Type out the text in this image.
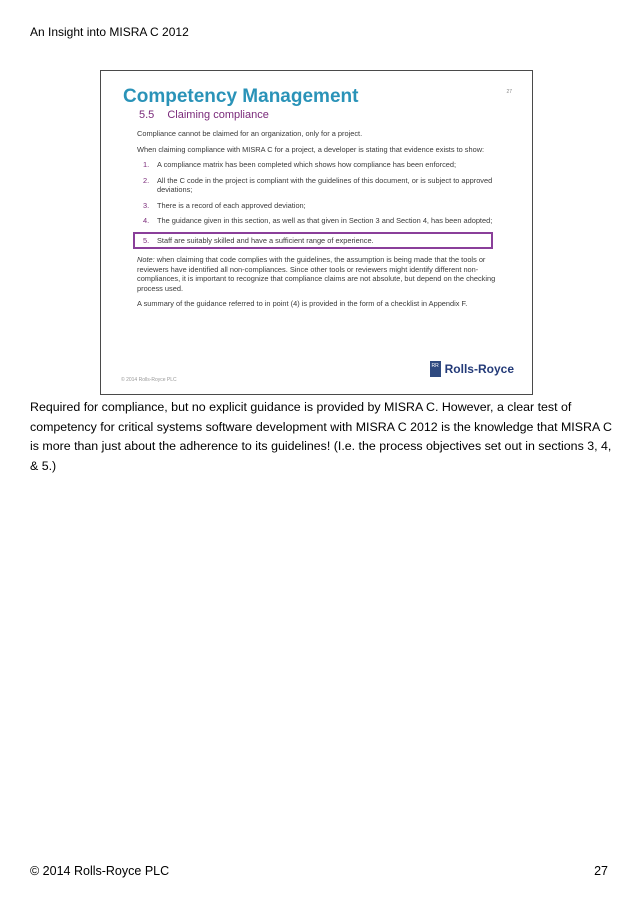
An Insight into MISRA C 2012
27
Competency Management
5.5 Claiming compliance

Compliance cannot be claimed for an organization, only for a project.

When claiming compliance with MISRA C for a project, a developer is stating that evidence exists to show:

1. A compliance matrix has been completed which shows how compliance has been enforced;
2. All the C code in the project is compliant with the guidelines of this document, or is subject to approved deviations;
3. There is a record of each approved deviation;
4. The guidance given in this section, as well as that given in Section 3 and Section 4, has been adopted;
5. Staff are suitably skilled and have a sufficient range of experience.

Note: when claiming that code complies with the guidelines, the assumption is being made that the tools or reviewers have identified all non-compliances. Since other tools or reviewers might identify different non-compliances, it is important to recognize that compliance claims are not absolute, but depend on the checking process used.

A summary of the guidance referred to in point (4) is provided in the form of a checklist in Appendix F.

© 2014 Rolls-Royce PLC
RR Rolls-Royce
Required for compliance, but no explicit guidance is provided by MISRA C. However, a clear test of competency for critical systems software development with MISRA C 2012 is the knowledge that MISRA C is more than just about the adherence to its guidelines! (I.e. the process objectives set out in sections 3, 4, & 5.)
© 2014 Rolls-Royce PLC	27
